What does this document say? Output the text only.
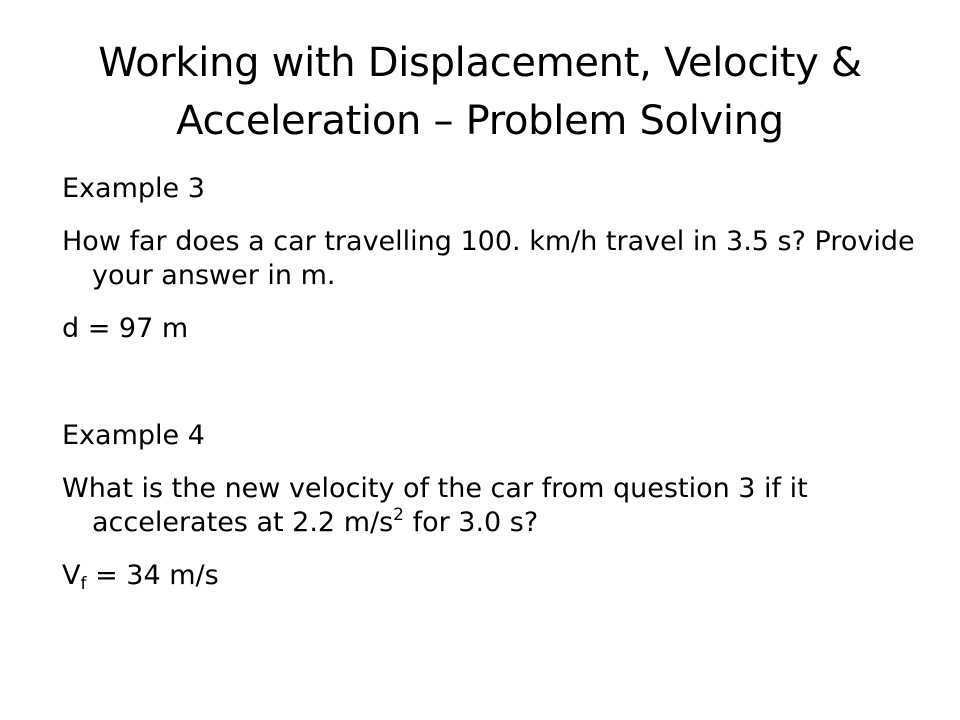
Working with Displacement, Velocity &
Acceleration – Problem Solving

Example 3

How far does a car travelling 100. km/h travel in 3.5 s? Provide your answer in m.

d = 97 m

Example 4

What is the new velocity of the car from question 3 if it accelerates at 2.2 $m/s^2$ for 3.0 s?

$V_f = 34$ m/s
